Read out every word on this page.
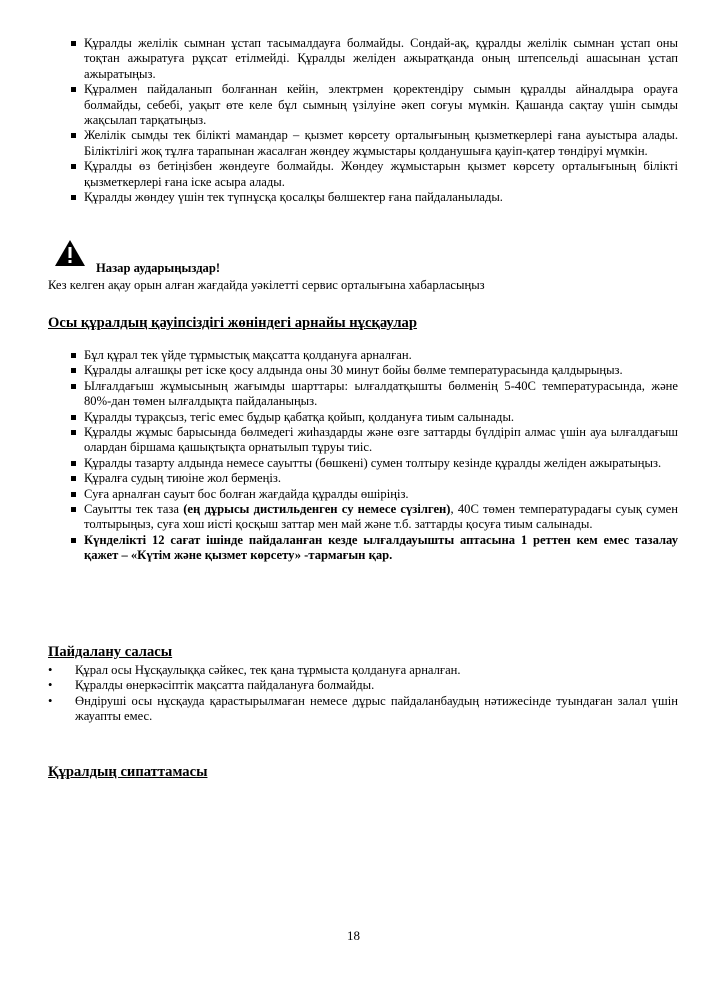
Құралды желілік сымнан ұстап тасымалдауға болмайды. Сондай-ақ, құралды желілік сымнан ұстап оны тоқтан ажыратуға рұқсат етілмейді. Құралды желіден ажыратқанда оның штепсельді ашасынан ұстап ажыратыңыз.
Құралмен пайдаланып болғаннан кейін, электрмен қоректендіру сымын құралды айналдыра орауға болмайды, себебі, уақыт өте келе бұл сымның үзілуіне әкеп соғуы мүмкін. Қашанда сақтау үшін сымды жақсылап тарқатыңыз.
Желілік сымды тек білікті мамандар – қызмет көрсету орталығының қызметкерлері ғана ауыстыра алады. Біліктілігі жоқ тұлға тарапынан жасалған жөндеу жұмыстары қолданушыға қауіп-қатер төндіруі мүмкін.
Құралды өз бетіңізбен жөндеуге болмайды. Жөндеу жұмыстарын қызмет көрсету орталығының білікті қызметкерлері ғана іске асыра алады.
Құралды жөндеу үшін тек түпнұсқа қосалқы бөлшектер ғана пайдаланылады.
Назар аударыңыздар!
Кез келген ақау орын алған жағдайда уәкілетті сервис орталығына хабарласыңыз
Осы құралдың қауіпсіздігі жөніндегі арнайы нұсқаулар
Бұл құрал тек үйде тұрмыстық мақсатта қолдануға арналған.
Құралды алғашқы рет іске қосу алдында оны 30 минут бойы бөлме температурасында қалдырыңыз.
Ылғалдағыш жұмысының жағымды шарттары: ылғалдатқышты бөлменің 5-40С температурасында, және 80%-дан төмен ылғалдықта пайдаланыңыз.
Құралды тұрақсыз, тегіс емес бұдыр қабатқа қойып, қолдануға тиым салынады.
Құралды жұмыс барысында бөлмедегі жиһаздарды және өзге заттарды бүлдіріп алмас үшін ауа ылғалдағыш олардан біршама қашықтықта орнатылып тұруы тиіс.
Құралды тазарту алдында немесе сауытты (бөшкені) сумен толтыру кезінде құралды желіден ажыратыңыз.
Құралға судың тиюіне жол бермеңіз.
Суға арналған сауыт бос болған жағдайда құралды өшіріңіз.
Сауытты тек таза (ең дұрысы дистильденген су немесе сүзілген), 40С төмен температурадағы суық сумен толтырыңыз, суға хош иісті қосқыш заттар мен май және т.б. заттарды қосуға тиым салынады.
Күнделікті 12 сағат ішінде пайдаланған кезде ылғалдауышты аптасына 1 реттен кем емес тазалау қажет – «Күтім және қызмет көрсету» -тармағын қар.
Пайдалану саласы
• Құрал осы Нұсқаулыққа сәйкес, тек қана тұрмыста қолдануға арналған.
• Құралды өнеркәсіптік мақсатта пайдалануға болмайды.
• Өндіруші осы нұсқауда қарастырылмаған немесе дұрыс пайдаланбаудың нәтижесінде туындаған залал үшін жауапты емес.
Құралдың сипаттамасы
18
